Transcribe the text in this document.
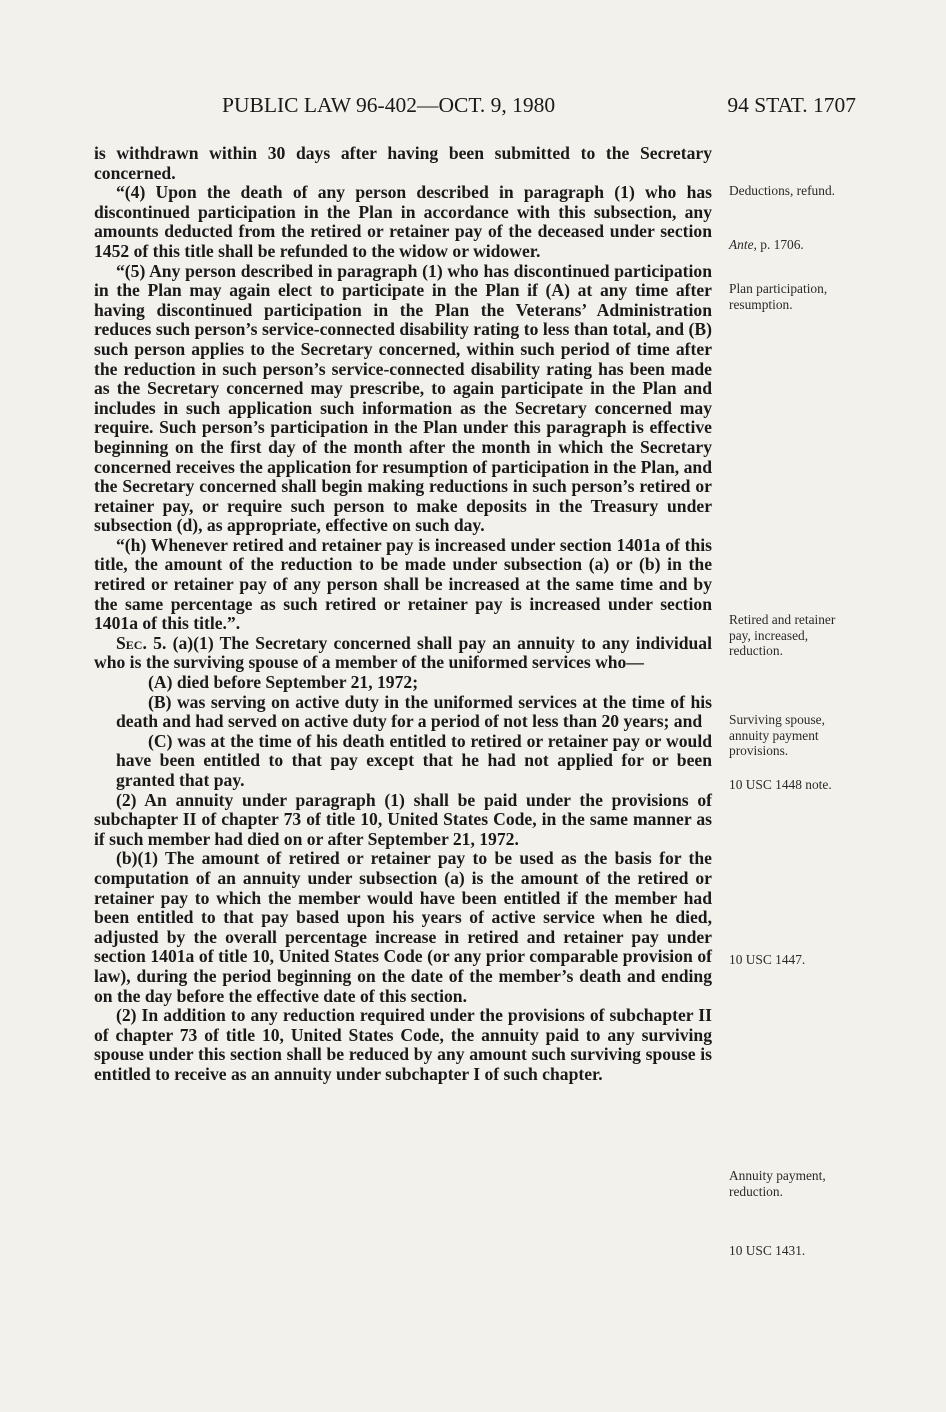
PUBLIC LAW 96-402—OCT. 9, 1980	94 STAT. 1707

is withdrawn within 30 days after having been submitted to the Secretary concerned.

“(4) Upon the death of any person described in paragraph (1) who has discontinued participation in the Plan in accordance with this subsection, any amounts deducted from the retired or retainer pay of the deceased under section 1452 of this title shall be refunded to the widow or widower.

“(5) Any person described in paragraph (1) who has discontinued participation in the Plan may again elect to participate in the Plan if (A) at any time after having discontinued participation in the Plan the Veterans’ Administration reduces such person’s service-connected disability rating to less than total, and (B) such person applies to the Secretary concerned, within such period of time after the reduction in such person’s service-connected disability rating has been made as the Secretary concerned may prescribe, to again participate in the Plan and includes in such application such information as the Secretary concerned may require. Such person’s participation in the Plan under this paragraph is effective beginning on the first day of the month after the month in which the Secretary concerned receives the application for resumption of participation in the Plan, and the Secretary concerned shall begin making reductions in such person’s retired or retainer pay, or require such person to make deposits in the Treasury under subsection (d), as appropriate, effective on such day.

“(h) Whenever retired and retainer pay is increased under section 1401a of this title, the amount of the reduction to be made under subsection (a) or (b) in the retired or retainer pay of any person shall be increased at the same time and by the same percentage as such retired or retainer pay is increased under section 1401a of this title.”.

Sec. 5. (a)(1) The Secretary concerned shall pay an annuity to any individual who is the surviving spouse of a member of the uniformed services who—

(A) died before September 21, 1972;

(B) was serving on active duty in the uniformed services at the time of his death and had served on active duty for a period of not less than 20 years; and

(C) was at the time of his death entitled to retired or retainer pay or would have been entitled to that pay except that he had not applied for or been granted that pay.

(2) An annuity under paragraph (1) shall be paid under the provisions of subchapter II of chapter 73 of title 10, United States Code, in the same manner as if such member had died on or after September 21, 1972.

(b)(1) The amount of retired or retainer pay to be used as the basis for the computation of an annuity under subsection (a) is the amount of the retired or retainer pay to which the member would have been entitled if the member had been entitled to that pay based upon his years of active service when he died, adjusted by the overall percentage increase in retired and retainer pay under section 1401a of title 10, United States Code (or any prior comparable provision of law), during the period beginning on the date of the member’s death and ending on the day before the effective date of this section.

(2) In addition to any reduction required under the provisions of subchapter II of chapter 73 of title 10, United States Code, the annuity paid to any surviving spouse under this section shall be reduced by any amount such surviving spouse is entitled to receive as an annuity under subchapter I of such chapter.

Deductions, refund.
Ante, p. 1706.
Plan participation, resumption.
Retired and retainer pay, increased, reduction.
Surviving spouse, annuity payment provisions.
10 USC 1448 note.
10 USC 1447.
Annuity payment, reduction.
10 USC 1431.
